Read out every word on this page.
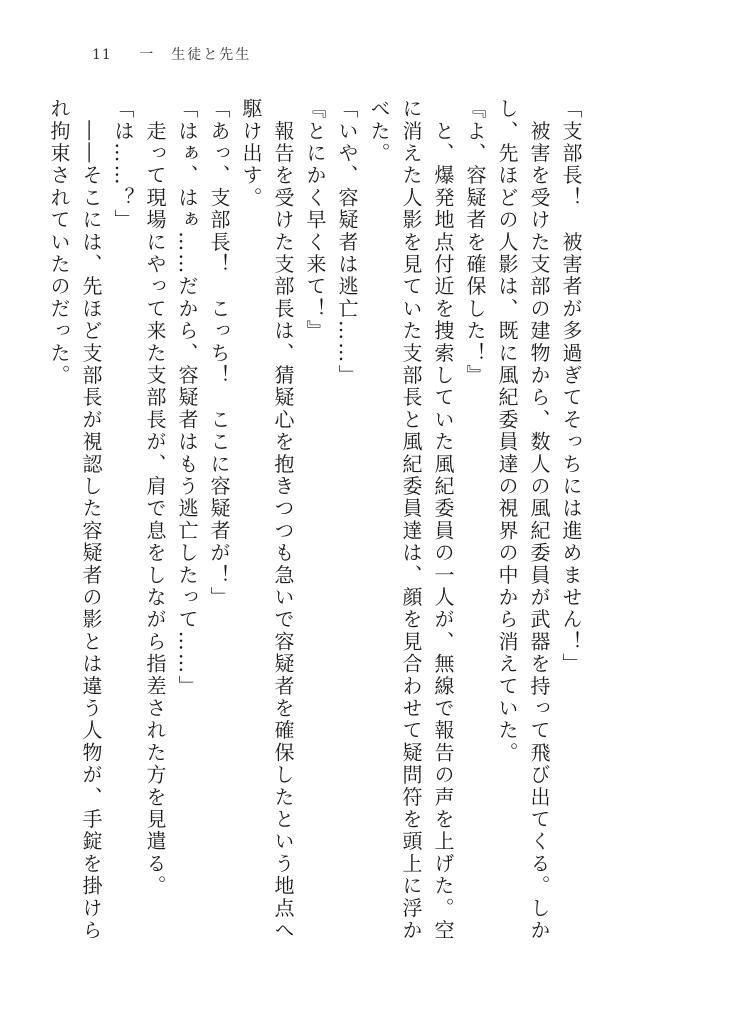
11 一　生徒と先生

「支部長！　被害者が多過ぎてそっちには進めません！」

　被害を受けた支部の建物から、数人の風紀委員が武器を持って飛び出てくる。しかし、先ほどの人影は、既に風紀委員達の視界の中から消えていた。

『よ、容疑者を確保した！』

　と、爆発地点付近を捜索していた風紀委員の一人が、無線で報告の声を上げた。空に消えた人影を見ていた支部長と風紀委員達は、顔を見合わせて疑問符を頭上に浮かべた。

「いや、容疑者は逃亡……」

『とにかく早く来て！』

　報告を受けた支部長は、猜疑心を抱きつつも急いで容疑者を確保したという地点へ駆け出す。

「あっ、支部長！　こっち！　ここに容疑者が！」

「はぁ、はぁ……だから、容疑者はもう逃亡したって……」

　走って現場にやって来た支部長が、肩で息をしながら指差された方を見遣る。

「は……？」

　――そこには、先ほど支部長が視認した容疑者の影とは違う人物が、手錠を掛けられ拘束されていたのだった。
